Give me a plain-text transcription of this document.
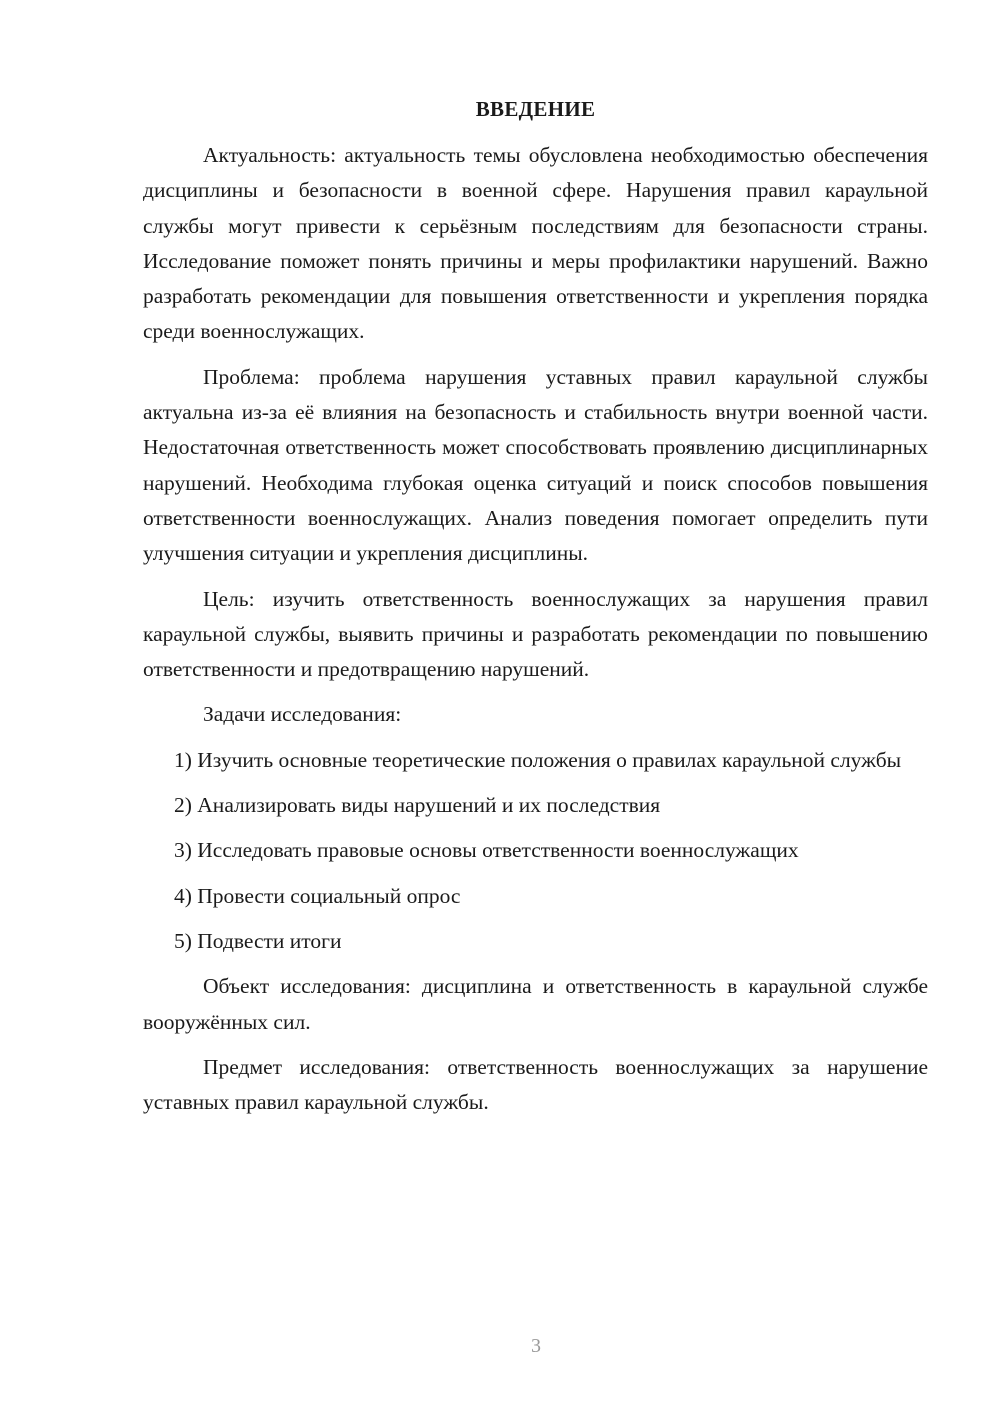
ВВЕДЕНИЕ

Актуальность: актуальность темы обусловлена необходимостью обеспечения дисциплины и безопасности в военной сфере. Нарушения правил караульной службы могут привести к серьёзным последствиям для безопасности страны. Исследование поможет понять причины и меры профилактики нарушений. Важно разработать рекомендации для повышения ответственности и укрепления порядка среди военнослужащих.

Проблема: проблема нарушения уставных правил караульной службы актуальна из-за её влияния на безопасность и стабильность внутри военной части. Недостаточная ответственность может способствовать проявлению дисциплинарных нарушений. Необходима глубокая оценка ситуаций и поиск способов повышения ответственности военнослужащих. Анализ поведения помогает определить пути улучшения ситуации и укрепления дисциплины.

Цель: изучить ответственность военнослужащих за нарушения правил караульной службы, выявить причины и разработать рекомендации по повышению ответственности и предотвращению нарушений.

Задачи исследования:

1) Изучить основные теоретические положения о правилах караульной службы

2) Анализировать виды нарушений и их последствия

3) Исследовать правовые основы ответственности военнослужащих

4) Провести социальный опрос

5) Подвести итоги

Объект исследования: дисциплина и ответственность в караульной службе вооружённых сил.

Предмет исследования: ответственность военнослужащих за нарушение уставных правил караульной службы.

3
